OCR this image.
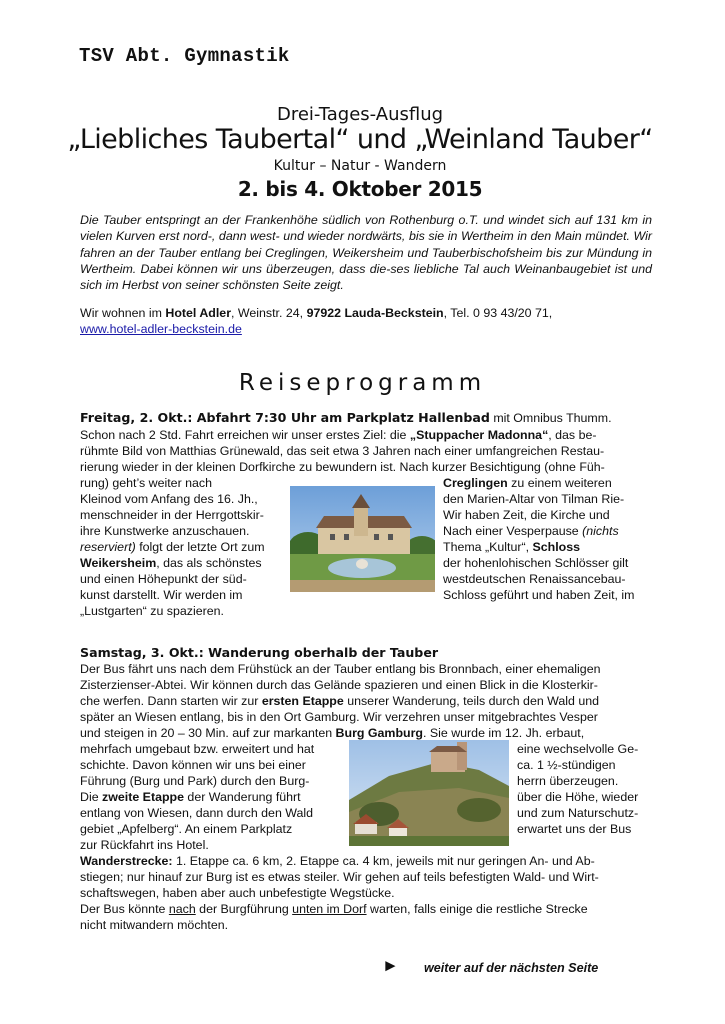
TSV Abt. Gymnastik
Drei-Tages-Ausflug
„Liebliches Taubertal“ und „Weinland Tauber“
Kultur – Natur - Wandern
2. bis 4. Oktober 2015
Die Tauber entspringt an der Frankenhöhe südlich von Rothenburg o.T. und windet sich auf 131 km in vielen Kurven erst nord-, dann west- und wieder nordwärts, bis sie in Wertheim in den Main mündet. Wir fahren an der Tauber entlang bei Creglingen, Weikersheim und Tauberbischofsheim bis zur Mündung in Wertheim. Dabei können wir uns überzeugen, dass die-ses liebliche Tal auch Weinanbaugebiet ist und sich im Herbst von seiner schönsten Seite zeigt.
Wir wohnen im Hotel Adler, Weinstr. 24, 97922 Lauda-Beckstein, Tel. 0 93 43/20 71,
www.hotel-adler-beckstein.de
Reiseprogramm
Freitag, 2. Okt.: Abfahrt 7:30 Uhr am Parkplatz Hallenbad mit Omnibus Thumm.
Schon nach 2 Std. Fahrt erreichen wir unser erstes Ziel: die „Stuppacher Madonna“, das be-
rühmte Bild von Matthias Grünewald, das seit etwa 3 Jahren nach einer umfangreichen Restau-
rierung wieder in der kleinen Dorfkirche zu bewundern ist. Nach kurzer Besichtigung (ohne Füh-
rung) geht’s weiter nach
Kleinod vom Anfang des 16. Jh.,
menschneider in der Herrgottskir-
ihre Kunstwerke anzuschauen.
reserviert) folgt der letzte Ort zum
Weikersheim, das als schönstes
und einen Höhepunkt der süd-
kunst darstellt. Wir werden im
„Lustgarten“ zu spazieren.
Creglingen zu einem weiteren
den Marien-Altar von Tilman Rie-
Wir haben Zeit, die Kirche und
Nach einer Vesperpause (nichts
Thema „Kultur“, Schloss
der hohenlohischen Schlösser gilt
westdeutschen Renaissancebau-
Schloss geführt und haben Zeit, im
Samstag, 3. Okt.: Wanderung oberhalb der Tauber
Der Bus fährt uns nach dem Frühstück an der Tauber entlang bis Bronnbach, einer ehemaligen
Zisterzienser-Abtei. Wir können durch das Gelände spazieren und einen Blick in die Klosterkir-
che werfen. Dann starten wir zur ersten Etappe unserer Wanderung, teils durch den Wald und
später an Wiesen entlang, bis in den Ort Gamburg. Wir verzehren unser mitgebrachtes Vesper
und steigen in 20 – 30 Min. auf zur markanten Burg Gamburg. Sie wurde im 12. Jh. erbaut,
mehrfach umgebaut bzw. erweitert und hat
schichte. Davon können wir uns bei einer
Führung (Burg und Park) durch den Burg-
Die zweite Etappe der Wanderung führt
entlang von Wiesen, dann durch den Wald
gebiet „Apfelberg“. An einem Parkplatz
zur Rückfahrt ins Hotel.
eine wechselvolle Ge-
ca. 1 ½-stündigen
herrn überzeugen.
über die Höhe, wieder
und zum Naturschutz-
erwartet uns der Bus
Wanderstrecke: 1. Etappe ca. 6 km, 2. Etappe ca. 4 km, jeweils mit nur geringen An- und Ab-
stiegen; nur hinauf zur Burg ist es etwas steiler. Wir gehen auf teils befestigten Wald- und Wirt-
schaftswegen, haben aber auch unbefestigte Wegstücke.
Der Bus könnte nach der Burgführung unten im Dorf warten, falls einige die restliche Strecke
nicht mitwandern möchten.
► weiter auf der nächsten Seite
